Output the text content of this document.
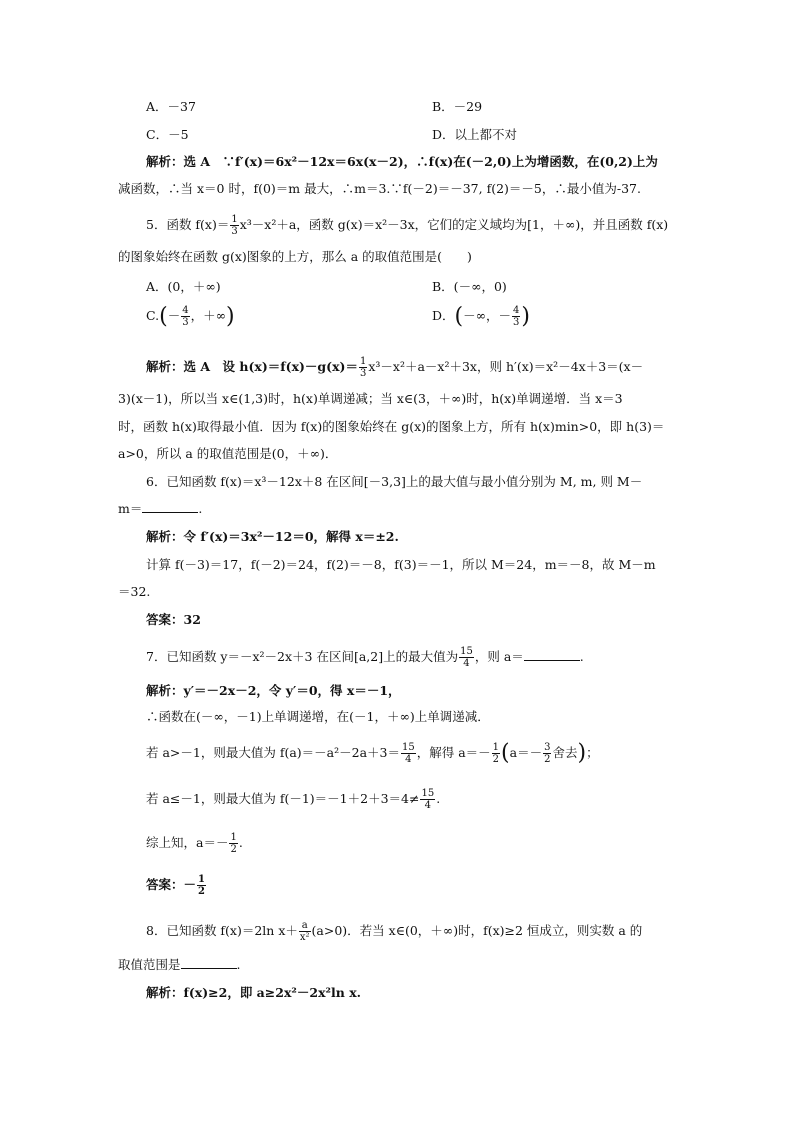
A．－37	B．－29
C．－5	D．以上都不对
解析：选 A　∵f′(x)＝6x²－12x＝6x(x－2)，∴f(x)在(－2,0)上为增函数，在(0,2)上为
减函数，∴当 x＝0 时，f(0)＝m 最大，∴m＝3.∵f(－2)＝－37, f(2)＝－5，∴最小值为-37.
5．函数 $f(x)= \frac{1}{3} x^3-x^2+a$，函数 g(x)＝x²－3x，它们的定义域均为[1，＋∞)，并且函数 f(x)
的图象始终在函数 g(x)图象的上方，那么 a 的取值范围是(　　)
A．(0，＋∞)	B．(－∞，0)
$C.(- \frac{4}{3}$ ，＋∞)	D．(－∞，－ $\frac{4}{3}$ )
解析：选 A　设 $h(x)=f(x)-g(x)= \frac{1}{3} x^3-x^2+a-x^2+3x$，则 h′(x)＝x²－4x＋3＝(x－
3)(x－1)，所以当 x∈(1,3)时，h(x)单调递减；当 x∈(3，＋∞)时，h(x)单调递增．当 x＝3
时，函数 h(x)取得最小值．因为 f(x)的图象始终在 g(x)的图象上方，所有 h(x)min>0，即 h(3)＝
a>0，所以 a 的取值范围是(0，＋∞)．
6．已知函数 f(x)＝x³－12x＋8 在区间[－3,3]上的最大值与最小值分别为 M, m, 则 M－
m＝	.
解析：令 f′(x)＝3x²－12＝0，解得 x＝±2.
计算 f(－3)＝17，f(－2)＝24，f(2)＝－8，f(3)＝－1，所以 M＝24，m＝－8，故 M－m
＝32.
答案：32
7．已知函数 y＝－x²－2x＋3 在区间[a,2]上的最大值为 $\frac{15}{4}$ ，则 a＝	.
解析：y′＝－2x－2，令 y′＝0，得 x＝－1，
∴函数在(－∞，－1)上单调递增，在(－1，＋∞)上单调递减．
若 a>－1，则最大值为 $f(a)=-a^2-2a+3= \frac{15}{4}$ ，解得 $a=- \frac{1}{2} (a=- \frac{3}{2}$ 舍去)；
若 a≤－1，则最大值为 $f(-1)=-1+2+3=4\ne \frac{15}{4}$ .
综上知，$a=- \frac{1}{2}$ .
答案：－ $\frac{1}{2}$
8．已知函数 f(x)＝2ln $x+ \frac{a}{\text{x²}} (a>0)$．若当 x∈(0，＋∞)时，f(x)≥2 恒成立，则实数 a 的
取值范围是	.
解析：f(x)≥2，即 a≥2x²－2x²ln x.
